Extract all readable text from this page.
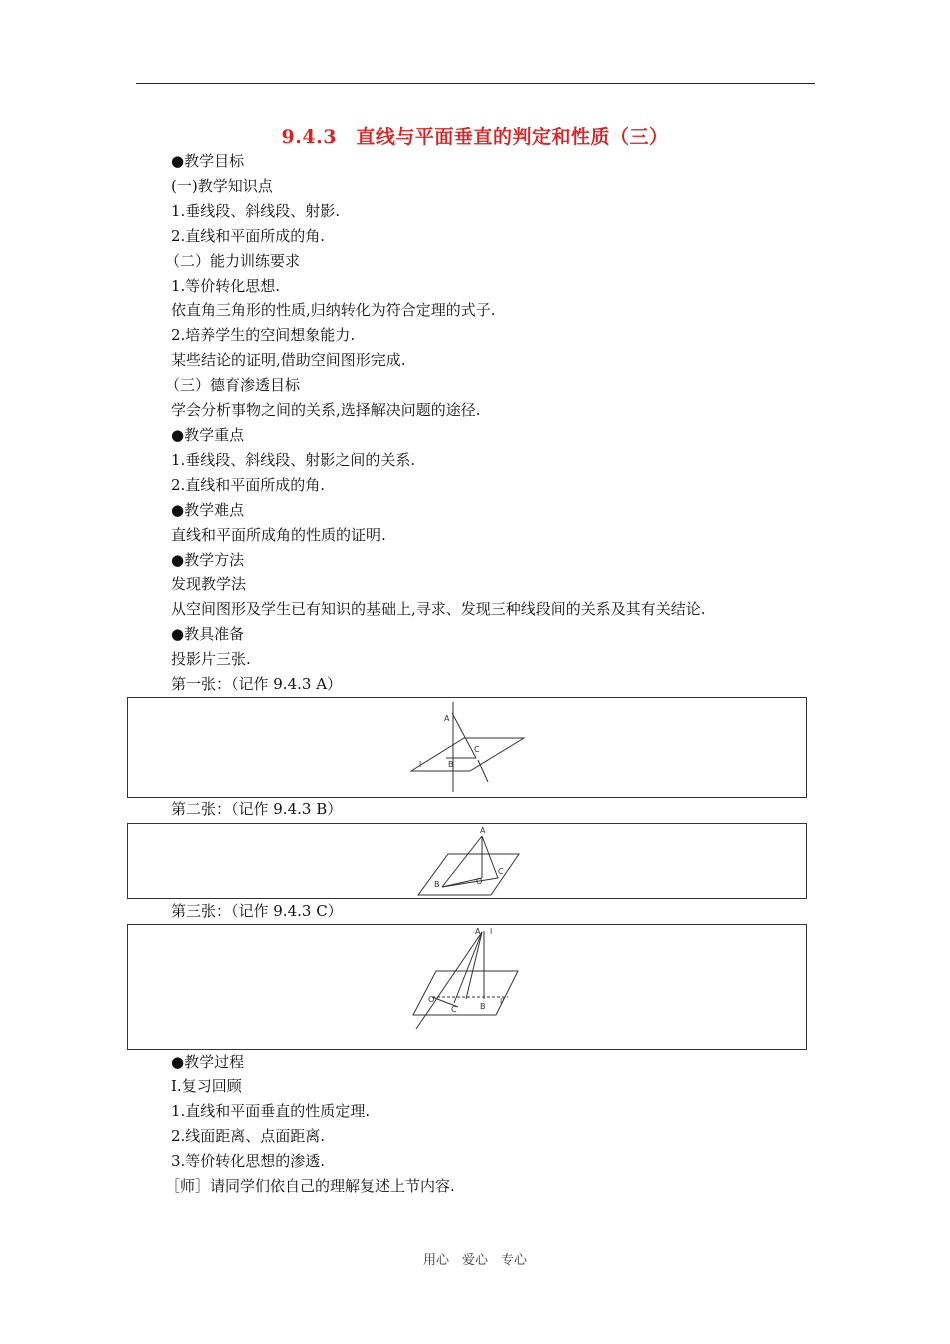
9.4.3　直线与平面垂直的判定和性质（三）
●教学目标
(一)教学知识点
1.垂线段、斜线段、射影.
2.直线和平面所成的角.
（二）能力训练要求
1.等价转化思想.
依直角三角形的性质,归纳转化为符合定理的式子.
2.培养学生的空间想象能力.
某些结论的证明,借助空间图形完成.
（三）德育渗透目标
学会分析事物之间的关系,选择解决问题的途径.
●教学重点
1.垂线段、斜线段、射影之间的关系.
2.直线和平面所成的角.
●教学难点
直线和平面所成角的性质的证明.
●教学方法
发现教学法
从空间图形及学生已有知识的基础上,寻求、发现三种线段间的关系及其有关结论.
●教具准备
投影片三张.
第一张：（记作 9.4.3 A）
A
B
C
l
第二张：（记作 9.4.3 B）
A
B	O
C
第三张：（记作 9.4.3 C）
A l
O
C	B
l'
●教学过程
Ⅰ.复习回顾
1.直线和平面垂直的性质定理.
2.线面距离、点面距离.
3.等价转化思想的渗透.
［师］请同学们依自己的理解复述上节内容.
用心　爱心　专心
